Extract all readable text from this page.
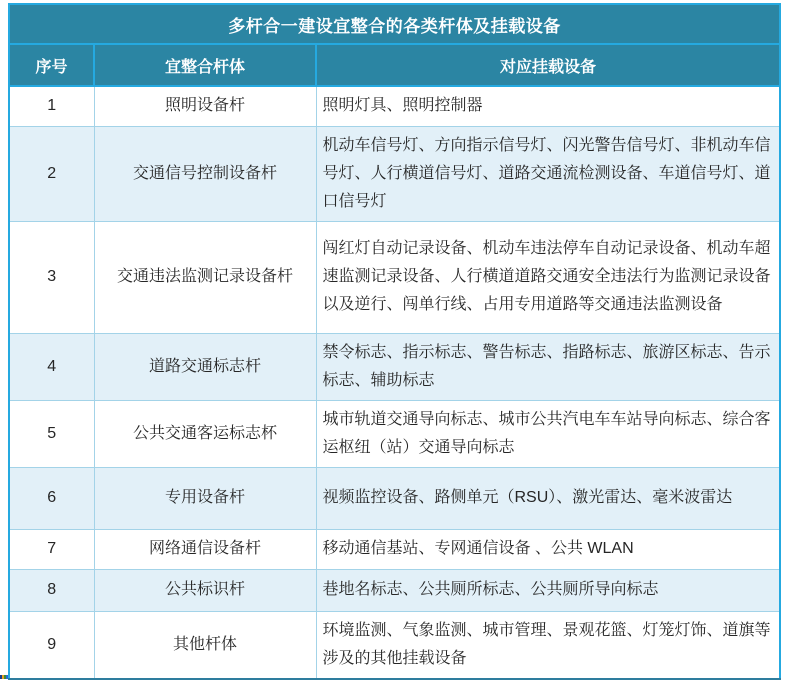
多杆合一建设宜整合的各类杆体及挂载设备		
序号	宜整合杆体	对应挂载设备
1	照明设备杆	照明灯具、照明控制器
2	交通信号控制设备杆	机动车信号灯、方向指示信号灯、闪光警告信号灯、非机动车信号灯、人行横道信号灯、道路交通流检测设备、车道信号灯、道口信号灯
3	交通违法监测记录设备杆	闯红灯自动记录设备、机动车违法停车自动记录设备、机动车超速监测记录设备、人行横道道路交通安全违法行为监测记录设备以及逆行、闯单行线、占用专用道路等交通违法监测设备
4	道路交通标志杆	禁令标志、指示标志、警告标志、指路标志、旅游区标志、告示标志、辅助标志
5	公共交通客运标志杯	城市轨道交通导向标志、城市公共汽电车车站导向标志、综合客运枢纽（站）交通导向标志
6	专用设备杆	视频监控设备、路侧单元（RSU）、激光雷达、毫米波雷达
7	网络通信设备杆	移动通信基站、专网通信设备 、公共 WLAN
8	公共标识杆	巷地名标志、公共厕所标志、公共厕所导向标志
9	其他杆体	环境监测、气象监测、城市管理、景观花篮、灯笼灯饰、道旗等涉及的其他挂载设备
